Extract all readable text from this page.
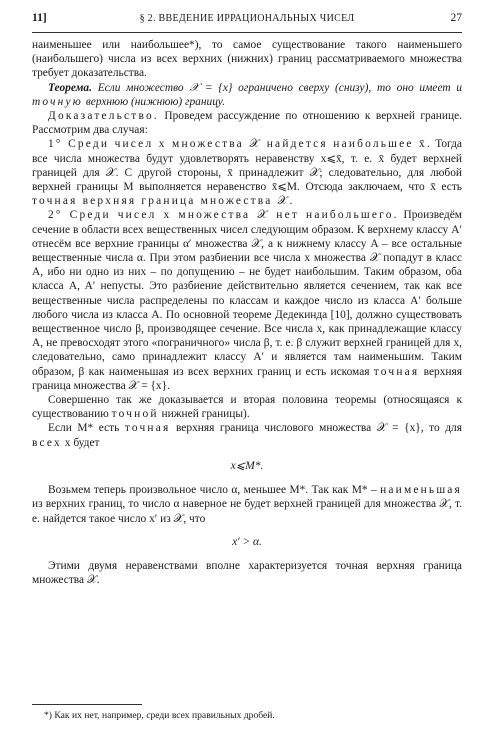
11]	§ 2. ВВЕДЕНИЕ ИРРАЦИОНАЛЬНЫХ ЧИСЕЛ	27

наименьшее или наибольшее*), то самое существование такого наименьшего (наибольшего) числа из всех верхних (нижних) границ рассматриваемого множества требует доказательства.

Теорема. Если множество 𝒳 = {x} ограничено сверху (снизу), то оно имеет и точную верхнюю (нижнюю) границу.

Доказательство. Проведем рассуждение по отношению к верхней границе. Рассмотрим два случая:

1° Среди чисел x множества 𝒳 найдется наибольшее x̄. Тогда все числа множества будут удовлетворять неравенству x⩽x̄, т. е. x̄ будет верхней границей для 𝒳. С другой стороны, x̄ принадлежит 𝒳; следовательно, для любой верхней границы M выполняется неравенство x̄⩽M. Отсюда заключаем, что x̄ есть точная верхняя граница множества 𝒳.

2° Среди чисел x множества 𝒳 нет наибольшего. Произведём сечение в области всех вещественных чисел следующим образом. К верхнему классу A′ отнесём все верхние границы α′ множества 𝒳, а к нижнему классу A – все остальные вещественные числа α. При этом разбиении все числа x множества 𝒳 попадут в класс A, ибо ни одно из них – по допущению – не будет наибольшим. Таким образом, оба класса A, A′ непусты. Это разбиение действительно является сечением, так как все вещественные числа распределены по классам и каждое число из класса A′ больше любого числа из класса A. По основной теореме Дедекинда [10], должно существовать вещественное число β, производящее сечение. Все числа x, как принадлежащие классу A, не превосходят этого «пограничного» числа β, т. е. β служит верхней границей для x, следовательно, само принадлежит классу A′ и является там наименьшим. Таким образом, β как наименьшая из всех верхних границ и есть искомая точная верхняя граница множества 𝒳 = {x}.

Совершенно так же доказывается и вторая половина теоремы (относящаяся к существованию точной нижней границы).

Если M* есть точная верхняя граница числового множества 𝒳 = {x}, то для всех x будет

x⩽M*.

Возьмем теперь произвольное число α, меньшее M*. Так как M* – наименьшая из верхних границ, то число α наверное не будет верхней границей для множества 𝒳, т. е. найдется такое число x′ из 𝒳, что

x′ > α.

Этими двумя неравенствами вполне характеризуется точная верхняя граница множества 𝒳.

*) Как их нет, например, среди всех правильных дробей.
